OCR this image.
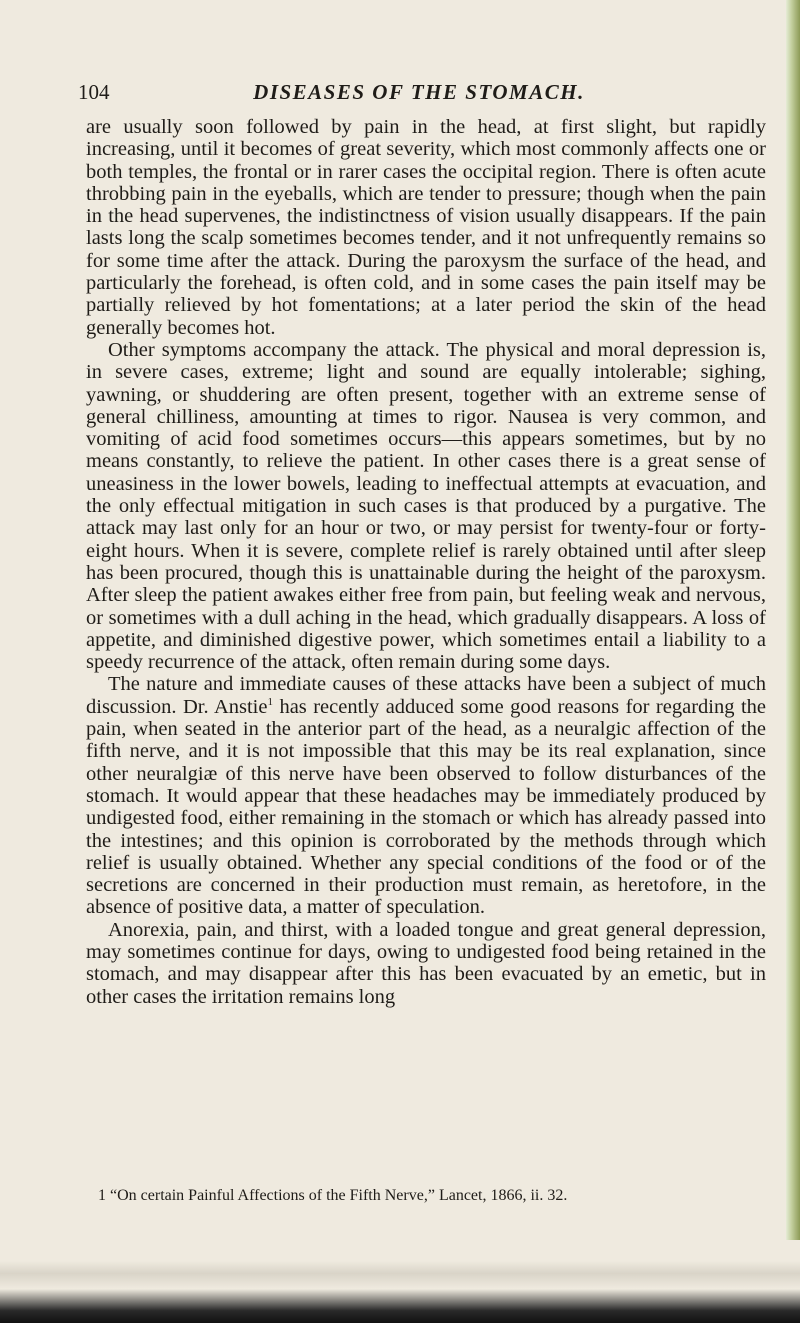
104	DISEASES OF THE STOMACH.

are usually soon followed by pain in the head, at first slight, but rapidly increasing, until it becomes of great severity, which most commonly affects one or both temples, the frontal or in rarer cases the occipital region. There is often acute throbbing pain in the eyeballs, which are tender to pressure; though when the pain in the head supervenes, the indistinctness of vision usually disappears. If the pain lasts long the scalp sometimes becomes tender, and it not unfrequently remains so for some time after the attack. During the paroxysm the surface of the head, and particularly the forehead, is often cold, and in some cases the pain itself may be partially relieved by hot fomentations; at a later period the skin of the head generally becomes hot.

Other symptoms accompany the attack. The physical and moral depression is, in severe cases, extreme; light and sound are equally intolerable; sighing, yawning, or shuddering are often present, together with an extreme sense of general chilliness, amounting at times to rigor. Nausea is very common, and vomiting of acid food sometimes occurs—this appears sometimes, but by no means constantly, to relieve the patient. In other cases there is a great sense of uneasiness in the lower bowels, leading to ineffectual attempts at evacuation, and the only effectual mitigation in such cases is that produced by a purgative. The attack may last only for an hour or two, or may persist for twenty-four or forty-eight hours. When it is severe, complete relief is rarely obtained until after sleep has been procured, though this is unattainable during the height of the paroxysm. After sleep the patient awakes either free from pain, but feeling weak and nervous, or sometimes with a dull aching in the head, which gradually disappears. A loss of appetite, and diminished digestive power, which sometimes entail a liability to a speedy recurrence of the attack, often remain during some days.

The nature and immediate causes of these attacks have been a subject of much discussion. Dr. Anstie$^1$ has recently adduced some good reasons for regarding the pain, when seated in the anterior part of the head, as a neuralgic affection of the fifth nerve, and it is not impossible that this may be its real explanation, since other neuralgiæ of this nerve have been observed to follow disturbances of the stomach. It would appear that these headaches may be immediately produced by undigested food, either remaining in the stomach or which has already passed into the intestines; and this opinion is corroborated by the methods through which relief is usually obtained. Whether any special conditions of the food or of the secretions are concerned in their production must remain, as heretofore, in the absence of positive data, a matter of speculation.

Anorexia, pain, and thirst, with a loaded tongue and great general depression, may sometimes continue for days, owing to undigested food being retained in the stomach, and may disappear after this has been evacuated by an emetic, but in other cases the irritation remains long

1 “On certain Painful Affections of the Fifth Nerve,” Lancet, 1866, ii. 32.
